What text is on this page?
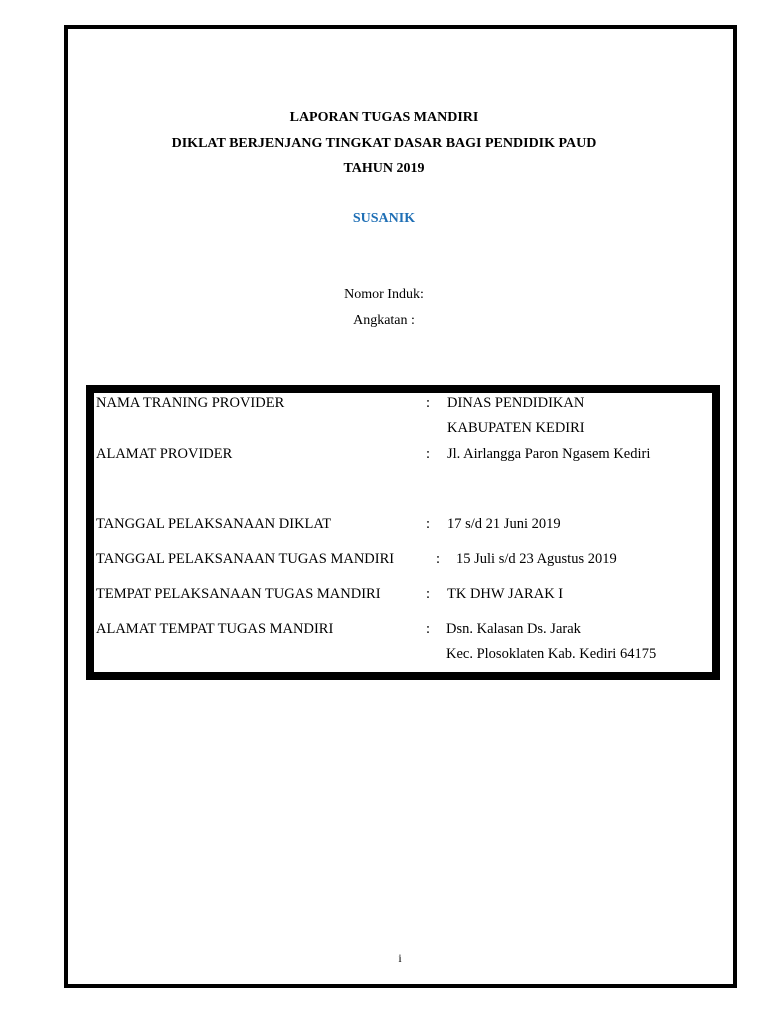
LAPORAN TUGAS MANDIRI
DIKLAT BERJENJANG TINGKAT DASAR BAGI PENDIDIK PAUD
TAHUN 2019
SUSANIK
Nomor Induk:
Angkatan :
NAMA TRANING PROVIDER	: DINAS PENDIDIKAN
KABUPATEN KEDIRI
ALAMAT PROVIDER	: Jl. Airlangga Paron Ngasem Kediri
TANGGAL PELAKSANAAN DIKLAT	: 17 s/d 21 Juni 2019
TANGGAL PELAKSANAAN TUGAS MANDIRI	: 15 Juli s/d 23 Agustus 2019
TEMPAT PELAKSANAAN TUGAS MANDIRI	: TK DHW JARAK I
ALAMAT TEMPAT TUGAS MANDIRI	: Dsn. Kalasan Ds. Jarak
Kec. Plosoklaten Kab. Kediri 64175
i
